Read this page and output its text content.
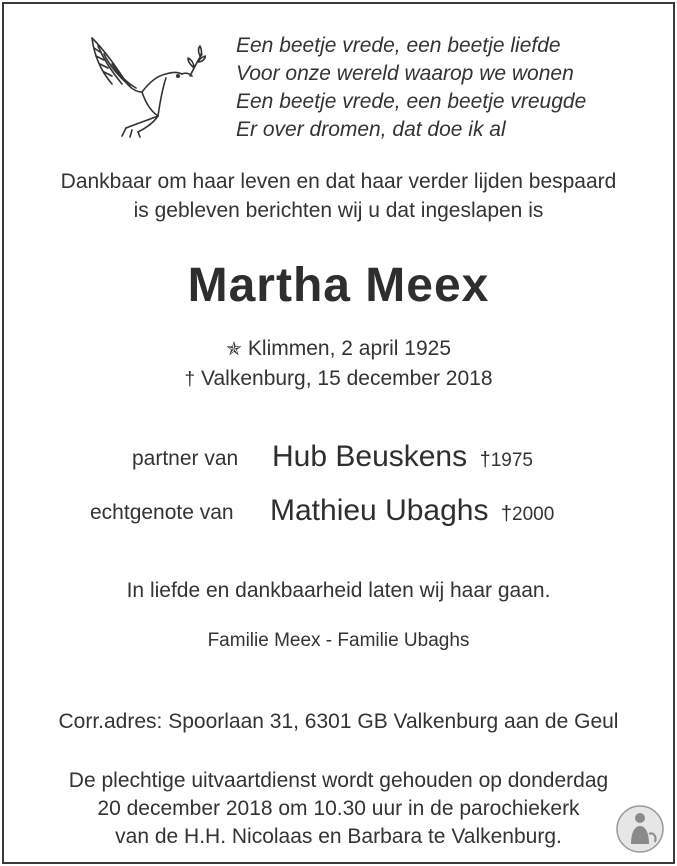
Een beetje vrede, een beetje liefde
Voor onze wereld waarop we wonen
Een beetje vrede, een beetje vreugde
Er over dromen, dat doe ik al
Dankbaar om haar leven en dat haar verder lijden bespaard
is gebleven berichten wij u dat ingeslapen is
Martha Meex
✯ Klimmen, 2 april 1925
† Valkenburg, 15 december 2018
partner van Hub Beuskens †1975
echtgenote van Mathieu Ubaghs †2000
In liefde en dankbaarheid laten wij haar gaan.
Familie Meex - Familie Ubaghs
Corr.adres: Spoorlaan 31, 6301 GB Valkenburg aan de Geul
De plechtige uitvaartdienst wordt gehouden op donderdag
20 december 2018 om 10.30 uur in de parochiekerk
van de H.H. Nicolaas en Barbara te Valkenburg.
